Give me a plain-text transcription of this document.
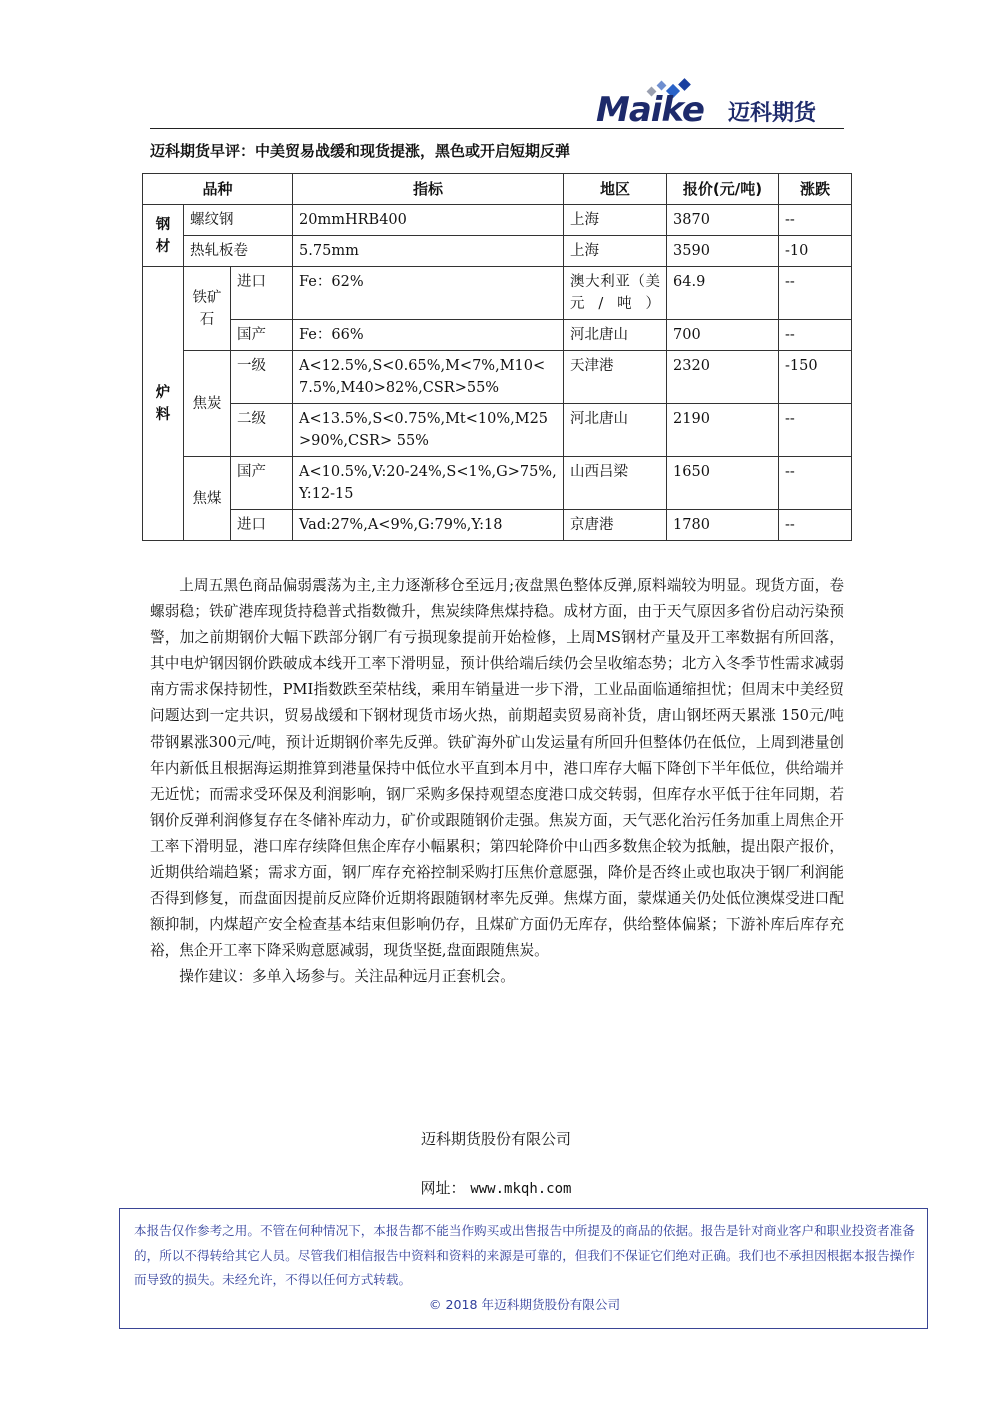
Maike 迈科期货
迈科期货早评：中美贸易战缓和现货提涨，黑色或开启短期反弹
品种			指标	地区	报价(元/吨)	涨跌
钢材	螺纹钢		20mmHRB400	上海	3870	--
	热轧板卷		5.75mm	上海	3590	-10
炉料	铁矿石	进口	Fe：62%	澳大利亚（美元/吨）	64.9	--
		国产	Fe：66%	河北唐山	700	--
	焦炭	一级	A<12.5%,S<0.65%,M<7%,M10<7.5%,M40>82%,CSR>55%	天津港	2320	-150
		二级	A<13.5%,S<0.75%,Mt<10%,M25>90%,CSR> 55%	河北唐山	2190	--
	焦煤	国产	A<10.5%,V:20-24%,S<1%,G>75%,Y:12-15	山西吕梁	1650	--
		进口	Vad:27%,A<9%,G:79%,Y:18	京唐港	1780	--

上周五黑色商品偏弱震荡为主,主力逐渐移仓至远月;夜盘黑色整体反弹,原料端较为明显。现货方面，卷螺弱稳；铁矿港库现货持稳普式指数微升，焦炭续降焦煤持稳。成材方面，由于天气原因多省份启动污染预警，加之前期钢价大幅下跌部分钢厂有亏损现象提前开始检修，上周MS钢材产量及开工率数据有所回落，其中电炉钢因钢价跌破成本线开工率下滑明显，预计供给端后续仍会呈收缩态势；北方入冬季节性需求减弱南方需求保持韧性，PMI指数跌至荣枯线，乘用车销量进一步下滑，工业品面临通缩担忧；但周末中美经贸问题达到一定共识，贸易战缓和下钢材现货市场火热，前期超卖贸易商补货，唐山钢坯两天累涨 150元/吨带钢累涨300元/吨，预计近期钢价率先反弹。铁矿海外矿山发运量有所回升但整体仍在低位，上周到港量创年内新低且根据海运期推算到港量保持中低位水平直到本月中，港口库存大幅下降创下半年低位，供给端并无近忧；而需求受环保及利润影响，钢厂采购多保持观望态度港口成交转弱，但库存水平低于往年同期，若钢价反弹利润修复存在冬储补库动力，矿价或跟随钢价走强。焦炭方面，天气恶化治污任务加重上周焦企开工率下滑明显，港口库存续降但焦企库存小幅累积；第四轮降价中山西多数焦企较为抵触，提出限产报价，近期供给端趋紧；需求方面，钢厂库存充裕控制采购打压焦价意愿强，降价是否终止或也取决于钢厂利润能否得到修复，而盘面因提前反应降价近期将跟随钢材率先反弹。焦煤方面，蒙煤通关仍处低位澳煤受进口配额抑制，内煤超产安全检查基本结束但影响仍存，且煤矿方面仍无库存，供给整体偏紧；下游补库后库存充裕，焦企开工率下降采购意愿减弱，现货坚挺,盘面跟随焦炭。

操作建议：多单入场参与。关注品种远月正套机会。

迈科期货股份有限公司
网址： www.mkqh.com
本报告仅作参考之用。不管在何种情况下，本报告都不能当作购买或出售报告中所提及的商品的依据。报告是针对商业客户和职业投资者准备的，所以不得转给其它人员。尽管我们相信报告中资料和资料的来源是可靠的，但我们不保证它们绝对正确。我们也不承担因根据本报告操作而导致的损失。未经允许，不得以任何方式转载。
© 2018 年迈科期货股份有限公司
